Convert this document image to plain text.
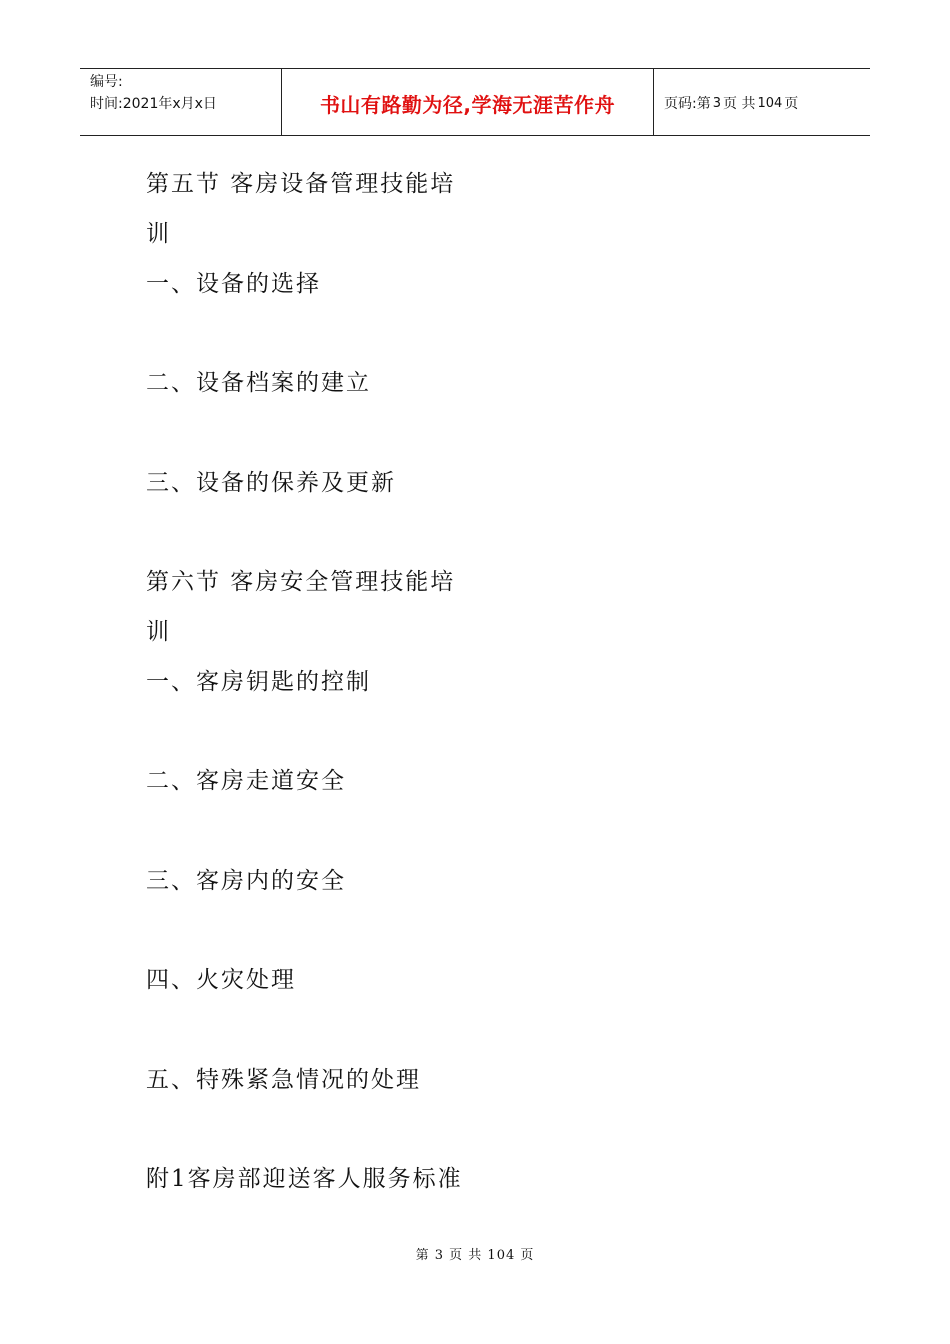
编号:
时间:2021年x月x日	书山有路勤为径,学海无涯苦作舟	页码:第 3 页 共 104 页
第五节 客房设备管理技能培
训
一、设备的选择
二、设备档案的建立
三、设备的保养及更新
第六节 客房安全管理技能培
训
一、客房钥匙的控制
二、客房走道安全
三、客房内的安全
四、火灾处理
五、特殊紧急情况的处理
附1客房部迎送客人服务标准
第 3 页 共 104 页
